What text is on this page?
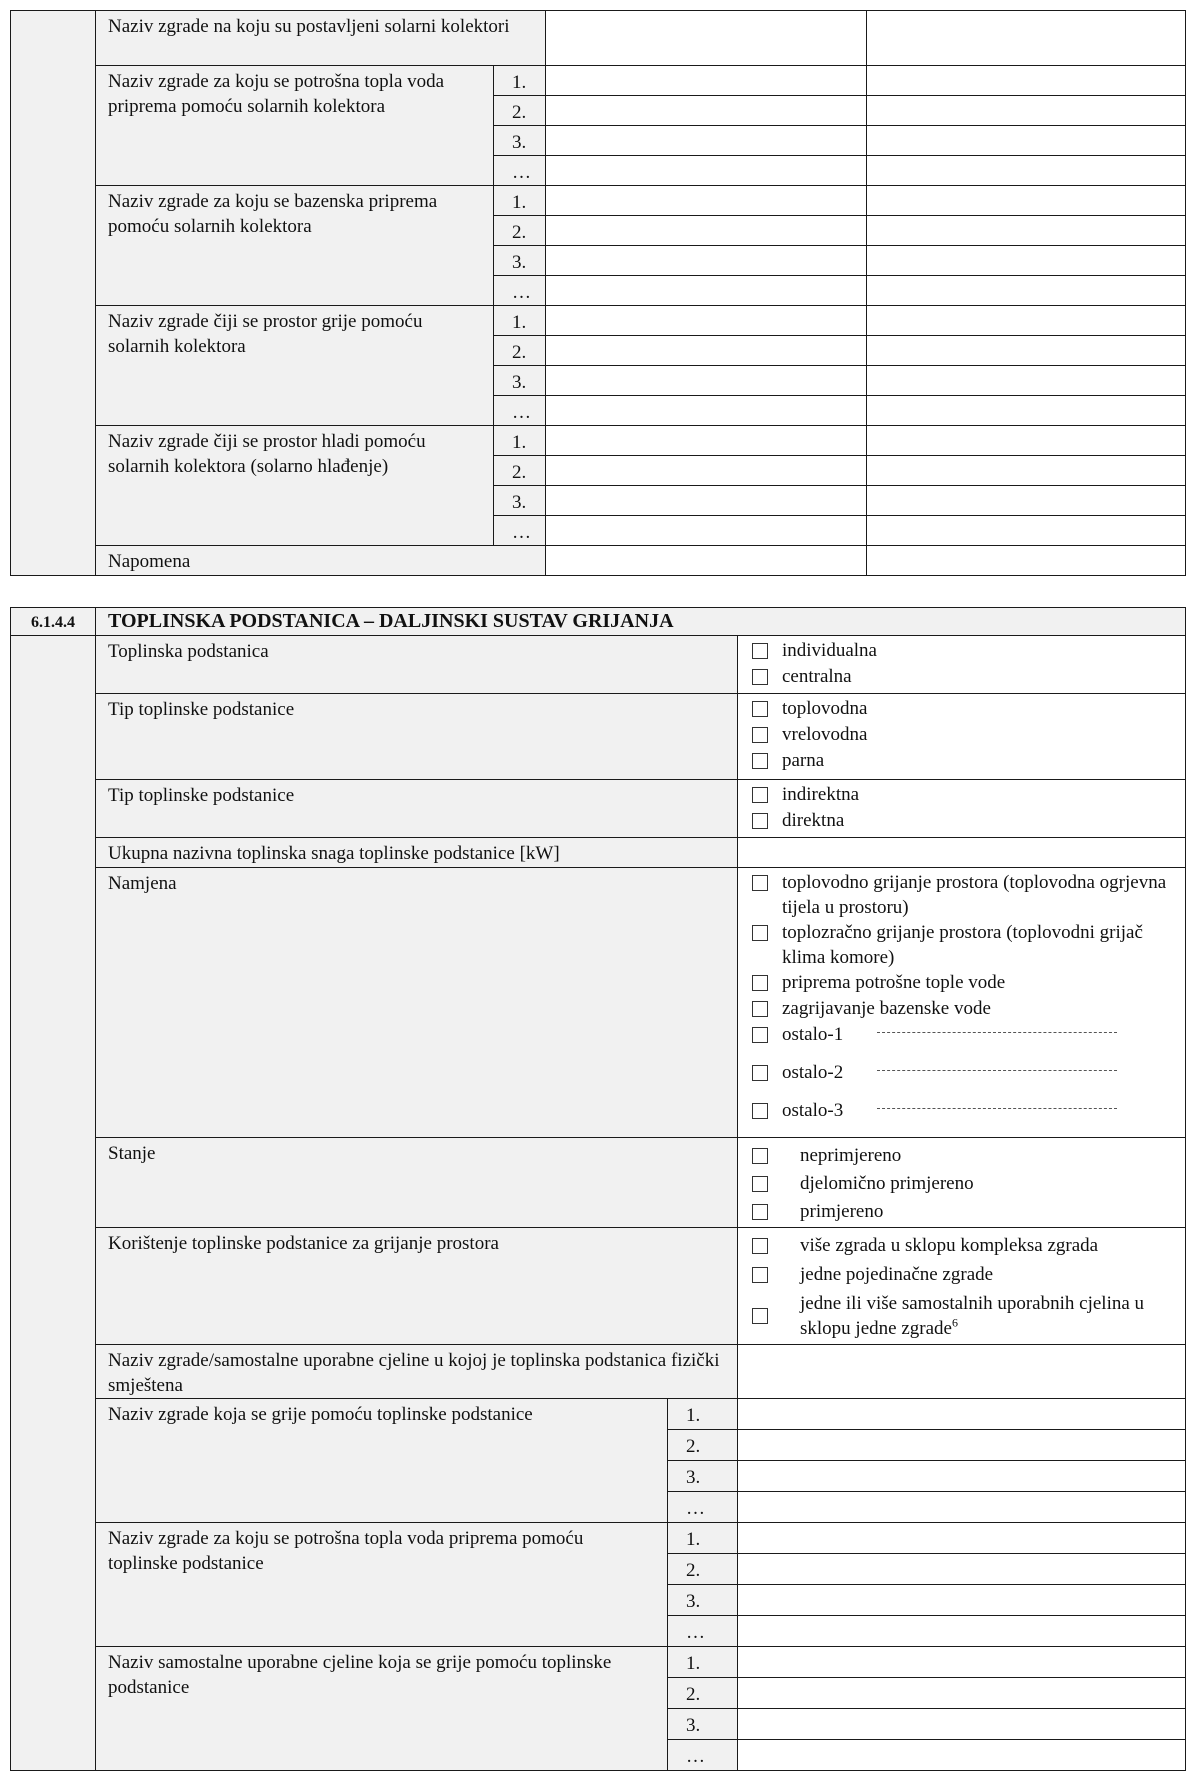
	Naziv zgrade na koju su postavljeni solarni kolektori			
	Naziv zgrade za koju se potrošna topla voda priprema pomoću solarnih kolektora	1.		
		2.		
		3.		
		…		
	Naziv zgrade za koju se bazenska priprema pomoću solarnih kolektora	1.		
		2.		
		3.		
		…		
	Naziv zgrade čiji se prostor grije pomoću solarnih kolektora	1.		
		2.		
		3.		
		…		
	Naziv zgrade čiji se prostor hladi pomoću solarnih kolektora (solarno hlađenje)	1.		
		2.		
		3.		
		…		
	Napomena			
6.1.4.4	TOPLINSKA PODSTANICA – DALJINSKI SUSTAV GRIJANJA		
	Toplinska podstanica		individualna
centralna

	Tip toplinske podstanice		toplovodna
vrelovodna
parna

	Tip toplinske podstanice		indirektna
direktna

	Ukupna nazivna toplinska snaga toplinske podstanice [kW]		
Namjena	toplovodno grijanje prostora (toplovodna ogrjevna tijela u prostoru)
toplozračno grijanje prostora (toplovodni grijač klima komore)
priprema potrošne tople vode
zagrijavanje bazenske vode
ostalo-1
ostalo-2
ostalo-3

	Stanje		neprimjereno
djelomično primjereno
primjereno

	Korištenje toplinske podstanice za grijanje prostora		više zgrada u sklopu kompleksa zgrada
jedne pojedinačne zgrade
jedne ili više samostalnih uporabnih cjelina u sklopu jedne zgrade$^6$

	Naziv zgrade/samostalne uporabne cjeline u kojoj je toplinska podstanica fizički smještena		
	Naziv zgrade koja se grije pomoću toplinske podstanice	1.	
		2.	
		3.	
		…	
	Naziv zgrade za koju se potrošna topla voda priprema pomoću toplinske podstanice	1.	
		2.	
		3.	
		…	
	Naziv samostalne uporabne cjeline koja se grije pomoću toplinske podstanice	1.	
		2.	
		3.	
		…	
